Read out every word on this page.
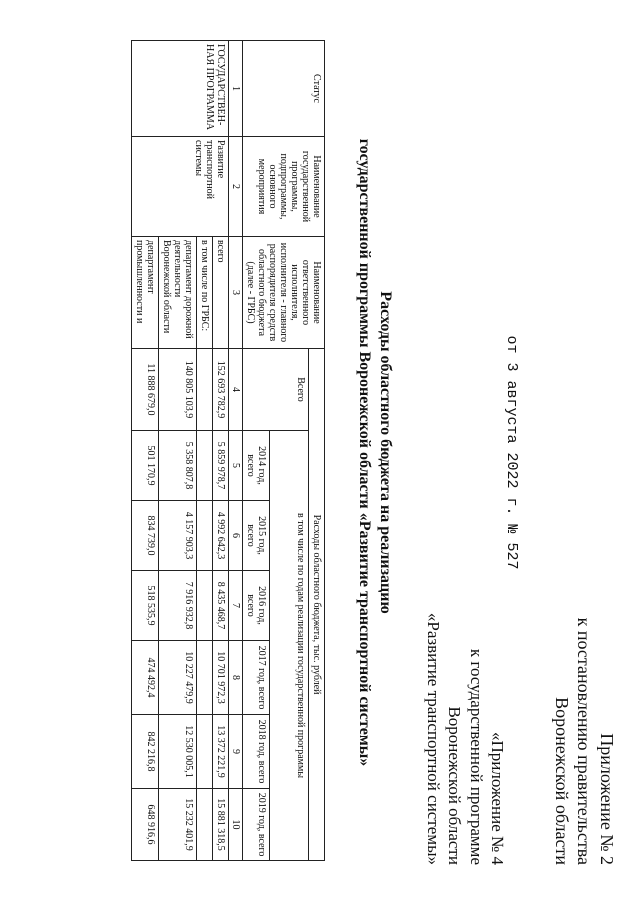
Приложение № 2
к постановлению правительства
Воронежской области
от 3 августа 2022 г. № 527
«Приложение № 4
к государственной программе
Воронежской области
«Развитие транспортной системы»
Расходы областного бюджета на реализацию
государственной программы Воронежской области «Развитие транспортной системы»
Статус	Наименование государственной программы, подпрограммы, основного мероприятия	Наименование ответственного исполнителя, исполнителя - главного распорядителя средств областного бюджета (далее - ГРБС)	Расходы областного бюджета, тыс. рублей						
			Всего	в том числе по годам реализации государственной программы					
				2014 год, всего	2015 год, всего	2016 год, всего	2017 год, всего	2018 год, всего	2019 год, всего
1	2	3	4	5	6	7	8	9	10
ГОСУДАРСТВЕН-НАЯ ПРОГРАММА	Развитие транспортной системы	всего	152 693 782,9	5 859 978,7	4 992 642,3	8 435 468,7	10 701 972,3	13 372 221,9	15 881 318,5
		в том числе по ГРБС:							
		департамент дорожной деятельности Воронежской области	140 805 103,9	5 358 807,8	4 157 903,3	7 916 932,8	10 227 479,9	12 530 005,1	15 232 401,9
		департамент промышленности и	11 888 679,0	501 170,9	834 739,0	518 535,9	474 492,4	842 216,8	648 916,6
